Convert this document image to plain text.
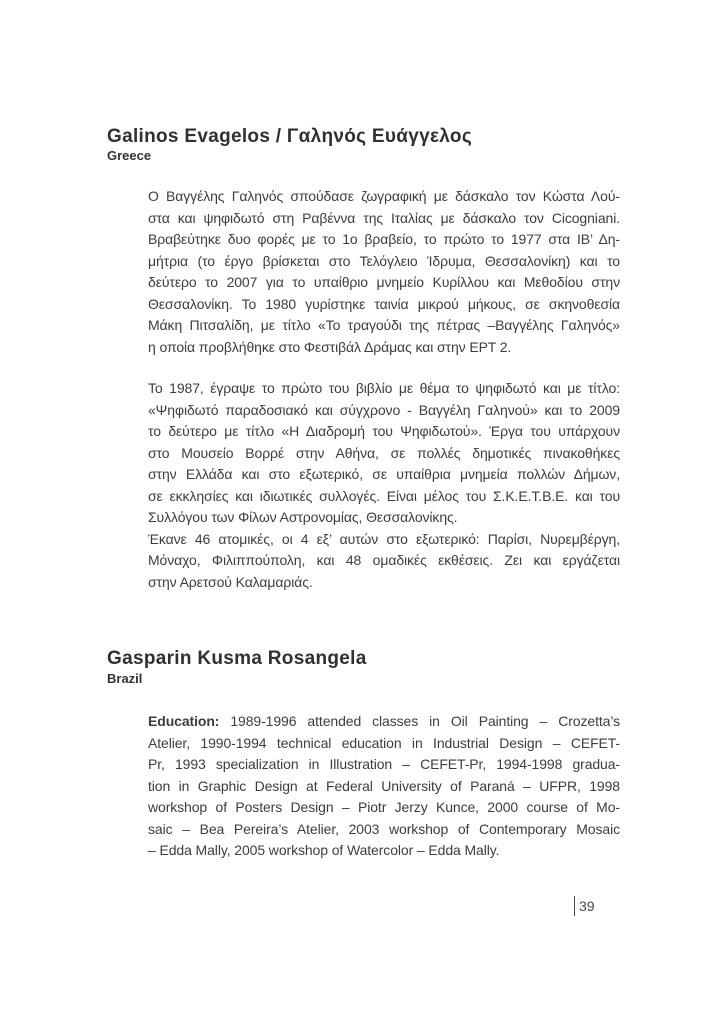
Galinos Evagelos / Γαληνός Ευάγγελος
Greece
Ο Βαγγέλης Γαληνός σπούδασε ζωγραφική με δάσκαλο τον Κώστα Λού-
στα και ψηφιδωτό στη Ραβέννα της Ιταλίας με δάσκαλο τον Cicogniani.
Βραβεύτηκε δυο φορές με το 1ο βραβείο, το πρώτο το 1977 στα ΙΒ’ Δη-
μήτρια (το έργο βρίσκεται στο Τελόγλειο Ίδρυμα, Θεσσαλονίκη) και το
δεύτερο το 2007 για το υπαίθριο μνημείο Κυρίλλου και Μεθοδίου στην
Θεσσαλονίκη. Το 1980 γυρίστηκε ταινία μικρού μήκους, σε σκηνοθεσία
Μάκη Πιτσαλίδη, με τίτλο «Το τραγούδι της πέτρας –Βαγγέλης Γαληνός»
η οποία προβλήθηκε στο Φεστιβάλ Δράμας και στην ΕΡΤ 2.
Το 1987, έγραψε το πρώτο του βιβλίο με θέμα το ψηφιδωτό και με τίτλο:
«Ψηφιδωτό παραδοσιακό και σύγχρονο - Βαγγέλη Γαληνού» και το 2009
το δεύτερο με τίτλο «Η Διαδρομή του Ψηφιδωτού». Έργα του υπάρχουν
στο Μουσείο Βορρέ στην Αθήνα, σε πολλές δημοτικές πινακοθήκες
στην Ελλάδα και στο εξωτερικό, σε υπαίθρια μνημεία πολλών Δήμων,
σε εκκλησίες και ιδιωτικές συλλογές. Είναι μέλος του Σ.Κ.Ε.Τ.Β.Ε. και του
Συλλόγου των Φίλων Αστρονομίας, Θεσσαλονίκης.
Έκανε 46 ατομικές, οι 4 εξ’ αυτών στο εξωτερικό: Παρίσι, Νυρεμβέργη,
Μόναχο, Φιλιππούπολη, και 48 ομαδικές εκθέσεις. Ζει και εργάζεται
στην Αρετσού Καλαμαριάς.
Gasparin Kusma Rosangela
Brazil
Education: 1989-1996 attended classes in Oil Painting – Crozetta’s
Atelier, 1990-1994 technical education in Industrial Design – CEFET-
Pr, 1993 specialization in Illustration – CEFET-Pr, 1994-1998 gradua-
tion in Graphic Design at Federal University of Paraná – UFPR, 1998
workshop of Posters Design – Piotr Jerzy Kunce, 2000 course of Mo-
saic – Bea Pereira’s Atelier, 2003 workshop of Contemporary Mosaic
– Edda Mally, 2005 workshop of Watercolor – Edda Mally.
39
